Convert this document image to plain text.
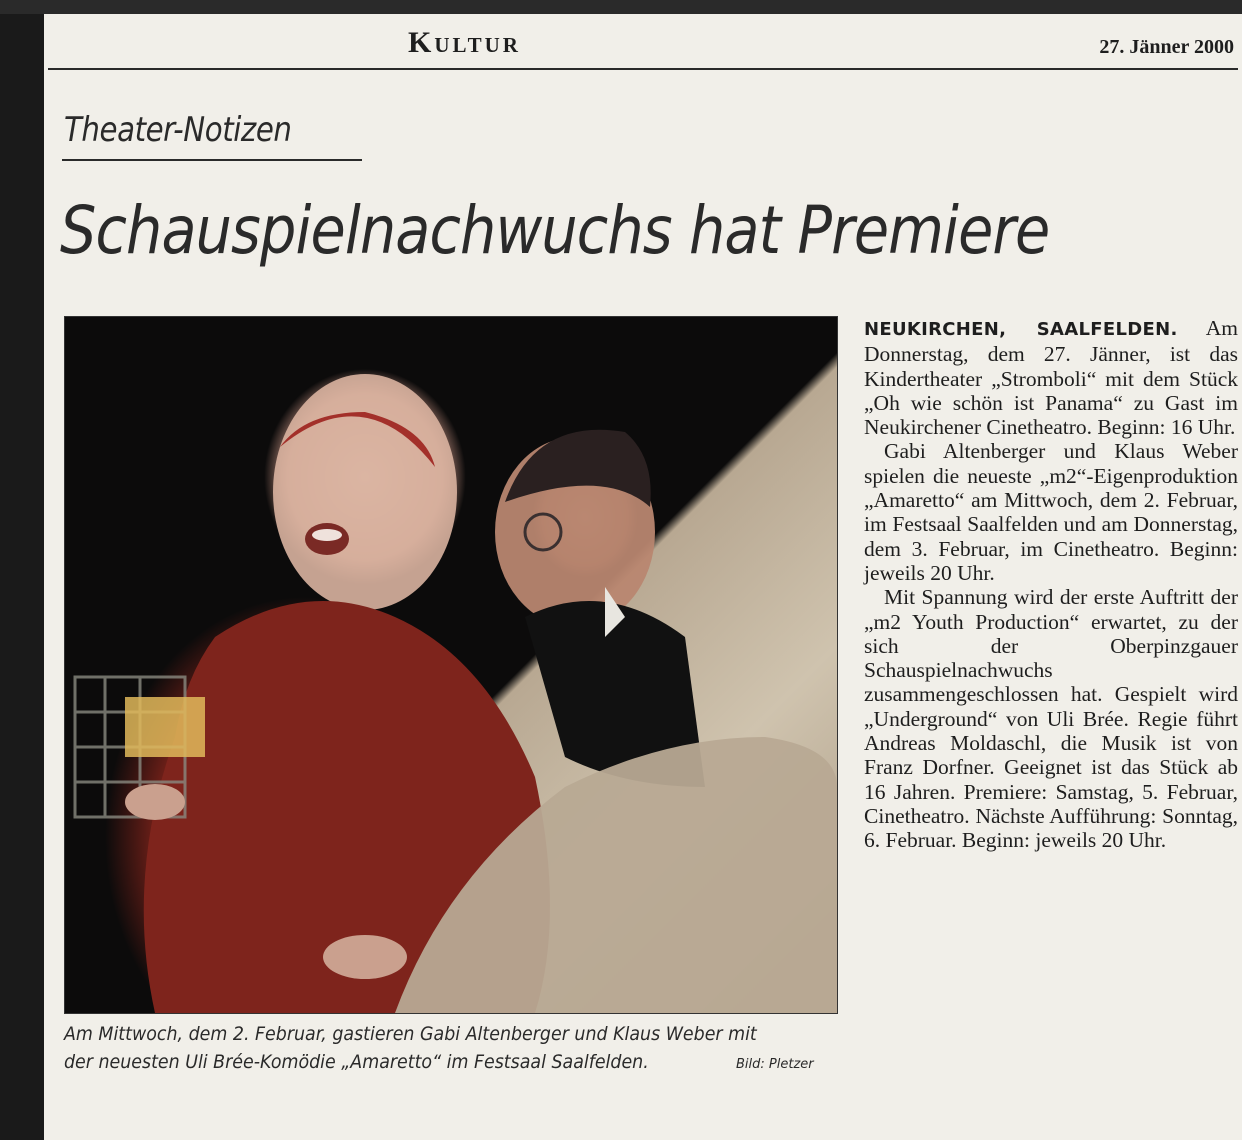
Kultur	27. Jänner 2000
Theater-Notizen
Schauspielnachwuchs hat Premiere
Am Mittwoch, dem 2. Februar, gastieren Gabi Altenberger und Klaus Weber mit
der neuesten Uli Brée-Komödie „Amaretto“ im Festsaal Saalfelden.	Bild: Pletzer

NEUKIRCHEN, SAALFELDEN. Am Donnerstag, dem 27. Jänner, ist das Kindertheater „Stromboli“ mit dem Stück „Oh wie schön ist Panama“ zu Gast im Neukirchener Cinetheatro. Beginn: 16 Uhr.

Gabi Altenberger und Klaus Weber spielen die neueste „m2“-Eigenproduktion „Amaretto“ am Mittwoch, dem 2. Februar, im Festsaal Saalfelden und am Donnerstag, dem 3. Februar, im Cinetheatro. Beginn: jeweils 20 Uhr.

Mit Spannung wird der erste Auftritt der „m2 Youth Production“ erwartet, zu der sich der Oberpinzgauer Schauspielnachwuchs zusammengeschlossen hat. Gespielt wird „Underground“ von Uli Brée. Regie führt Andreas Moldaschl, die Musik ist von Franz Dorfner. Geeignet ist das Stück ab 16 Jahren. Premiere: Samstag, 5. Februar, Cinetheatro. Nächste Aufführung: Sonntag, 6. Februar. Beginn: jeweils 20 Uhr.
